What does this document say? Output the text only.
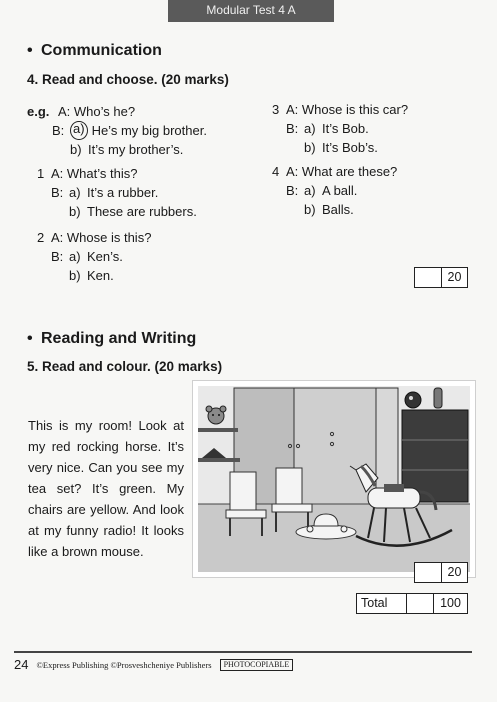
Modular Test 4 A
• Communication
4. Read and choose. (20 marks)
e.g. A: Who’s he?
B: a) He’s my big brother.
b) It’s my brother’s.
1 A: What’s this?
B: a) It’s a rubber.
b) These are rubbers.
2 A: Whose is this?
B: a) Ken’s.
b) Ken.
3 A: Whose is this car?
B: a) It’s Bob.
b) It’s Bob’s.
4 A: What are these?
B: a) A ball.
b) Balls.
20
• Reading and Writing
5. Read and colour. (20 marks)
This is my room! Look at my red rocking horse. It’s very nice. Can you see my tea set? It’s green. My chairs are yellow. And look at my funny radio! It looks like a brown mouse.
20
Total	100
24 ©Express Publishing ©Prosveshcheniye Publishers	PHOTOCOPIABLE
